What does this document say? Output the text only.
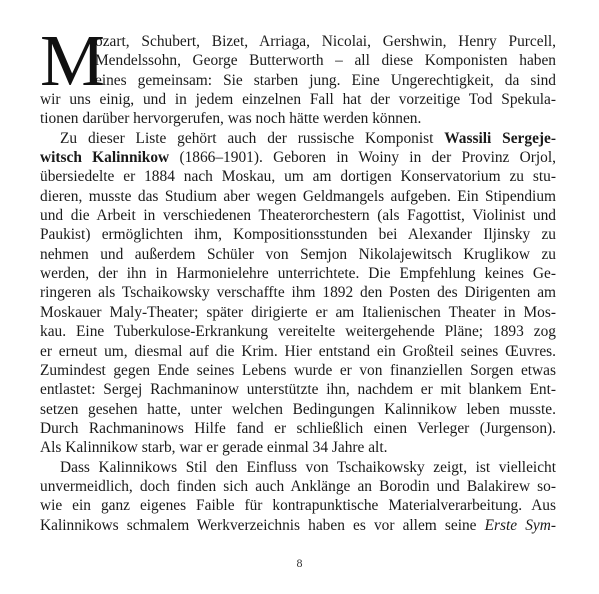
M
ozart, Schubert, Bizet, Arriaga, Nicolai, Gershwin, Henry Purcell,
Mendelssohn, George Butterworth – all diese Komponisten haben
eines gemeinsam: Sie starben jung. Eine Ungerechtigkeit, da sind
wir uns einig, und in jedem einzelnen Fall hat der vorzeitige Tod Spekula-
tionen darüber hervorgerufen, was noch hätte werden können.
Zu dieser Liste gehört auch der russische Komponist Wassili Sergeje-
witsch Kalinnikow (1866–1901). Geboren in Woiny in der Provinz Orjol,
übersiedelte er 1884 nach Moskau, um am dortigen Konservatorium zu stu-
dieren, musste das Studium aber wegen Geldmangels aufgeben. Ein Stipendium
und die Arbeit in verschiedenen Theaterorchestern (als Fagottist, Violinist und
Paukist) ermöglichten ihm, Kompositionsstunden bei Alexander Iljinsky zu
nehmen und außerdem Schüler von Semjon Nikolajewitsch Kruglikow zu
werden, der ihn in Harmonielehre unterrichtete. Die Empfehlung keines Ge-
ringeren als Tschaikowsky verschaffte ihm 1892 den Posten des Dirigenten am
Moskauer Maly-Theater; später dirigierte er am Italienischen Theater in Mos-
kau. Eine Tuberkulose-Erkrankung vereitelte weitergehende Pläne; 1893 zog
er erneut um, diesmal auf die Krim. Hier entstand ein Großteil seines Œuvres.
Zumindest gegen Ende seines Lebens wurde er von finanziellen Sorgen etwas
entlastet: Sergej Rachmaninow unterstützte ihn, nachdem er mit blankem Ent-
setzen gesehen hatte, unter welchen Bedingungen Kalinnikow leben musste.
Durch Rachmaninows Hilfe fand er schließlich einen Verleger (Jurgenson).
Als Kalinnikow starb, war er gerade einmal 34 Jahre alt.
Dass Kalinnikows Stil den Einfluss von Tschaikowsky zeigt, ist vielleicht
unvermeidlich, doch finden sich auch Anklänge an Borodin und Balakirew so-
wie ein ganz eigenes Faible für kontrapunktische Materialverarbeitung. Aus
Kalinnikows schmalem Werkverzeichnis haben es vor allem seine Erste Sym-
8
